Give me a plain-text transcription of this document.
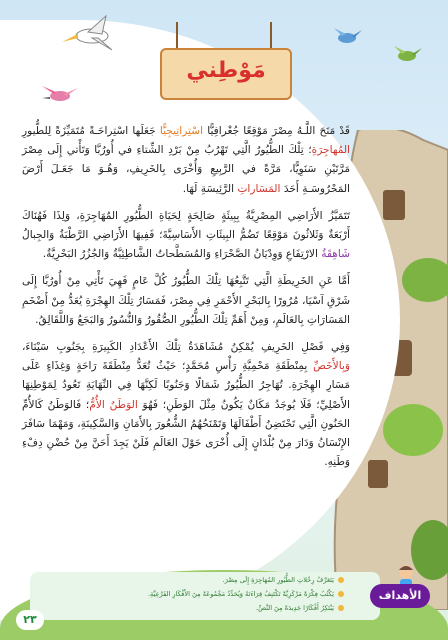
مَوْطِني

قَدْ مَنَحَ اللَّـهُ مِصْرَ مَوْقِعًا جُغْرافِيًّا اسْتِراتِيجِيًّا جَعَلَها اسْتِراحَـةً مُتَمَيِّزَةً لِلطُّيورِ المُهاجِرَةِ؛ تِلْكَ الطُّيُورُ الَّتِي تَهْرُبُ مِنْ بَرْدِ الشِّتاءِ في أُورُبَّا وَتَأْتي إِلَى مِصْرَ مَرَّتَيْنِ سَنَوِيًّا، مَرَّةً في الرَّبِيعِ وَأُخْرَى بِالخَرِيفِ، وَهُـوَ مَا جَعَـلَ أَرْضَ المَحْرُوسَـةِ أَحَدَ المَسَاراتِ الرَّئِيسَةِ لَهَا.

تَتَمَيَّزُ الأَرَاضِي المِصْرِيَّةُ بِبِيئَةٍ صَالِحَةٍ لِحَيَاةِ الطُّيُورِ المُهَاجِرَةِ، وَلِذَا فَهُنَاكَ أَرْبَعَةٌ وَثَلاثُونَ مَوْقِعًا تَضُمُّ البِيئَاتِ الأَسَاسِيَّةَ؛ فَفِيهَا الأَرَاضِي الرَّطْبَةُ وَالجِبالُ شَاهِقَةُ الارْتِفَاعِ وَوِدْيَانُ الصَّحْرَاءِ وَالمُسَطَّحاتُ الشَّاطِئِيَّةُ وَالجُزُرُ البَحْرِيَّةُ.

أَمَّا عَنِ الخَرِيطَةِ الَّتِي تَتَّبِعُهَا تِلْكَ الطُّيُورُ كُلَّ عَامٍ فَهِيَ تَأْتِي مِنْ أُورُبَّا إِلَى شَرْقِ آسْيَا، مُرُورًا بِالبَحْرِ الأَحْمَرِ فِي مِصْرَ، فَمَسَارُ تِلْكَ الهِجْرَةِ يُعَدُّ مِنْ أَضْخَمِ المَسَارَاتِ بِالعَالَمِ، وَمِنْ أَهَمِّ تِلْكَ الطُّيُورِ الصُّقُورُ وَالنُّسُورُ وَالبَجَعُ وَاللَّقَالِقُ.

وَفِي فَصْلِ الخَرِيفِ يُمْكِنُ مُشَاهَدَةُ تِلْكَ الأَعْدَادِ الكَبِيرَةِ بِجَنُوبِ سَيْنَاءَ، وَبِالأَخَصِّ بِمِنْطَقَةِ مَحْمِيَّةِ رَأْسِ مُحَمَّدٍ؛ حَيْثُ تُعَدُّ مِنْطَقَةَ رَاحَةٍ وَغِذَاءٍ عَلَى مَسَارِ الهِجْرَةِ. تُهَاجِرُ الطُّيُورُ شَمَالًا وَجَنُوبًا لَكِنَّهَا فِي النِّهَايَةِ تَعُودُ لِمَوْطِنِهَا الأَصْلِيِّ؛ فَلَا يُوجَدُ مَكَانٌ يَكُونُ مِثْلَ الوَطَنِ؛ فَهُوَ الوَطَنُ الأُمُّ؛ فَالوَطَنُ كَالأُمِّ الحَنُونِ الَّتِي تَحْتَضِنُ أَطْفَالَهَا وَتَمْنَحُهُمُ الشُّعُورَ بِالأَمَانِ وَالسَّكِينَةِ، وَمَهْمَا سَافَرَ الإِنْسَانُ وَدَارَ مِنْ بُلْدَانٍ إِلَى أُخْرَى حَوْلَ العَالَمِ فَلَنْ يَجِدَ أَحَنَّ مِنْ حُضْنِ دِفْءِ وَطَنِهِ.

يَتَعَرَّفُ رِحْلاتِ الطُّيُورِ المُهَاجِرَةِ إِلَى مِصْرَ.
يَكْتُبُ فِكْرَةً مَرْكَزِيَّةً تَكْتَنِفُ قِرَاءَتَهُ وَيُحَدِّدُ مَجْمُوعَةً مِنَ الأَفْكَارِ الفَرْعِيَّةِ.
يَبْتَكِرُ أَفْكَارًا جَدِيدَةً مِنَ النَّصِّ.
الأهداف
٢٣
